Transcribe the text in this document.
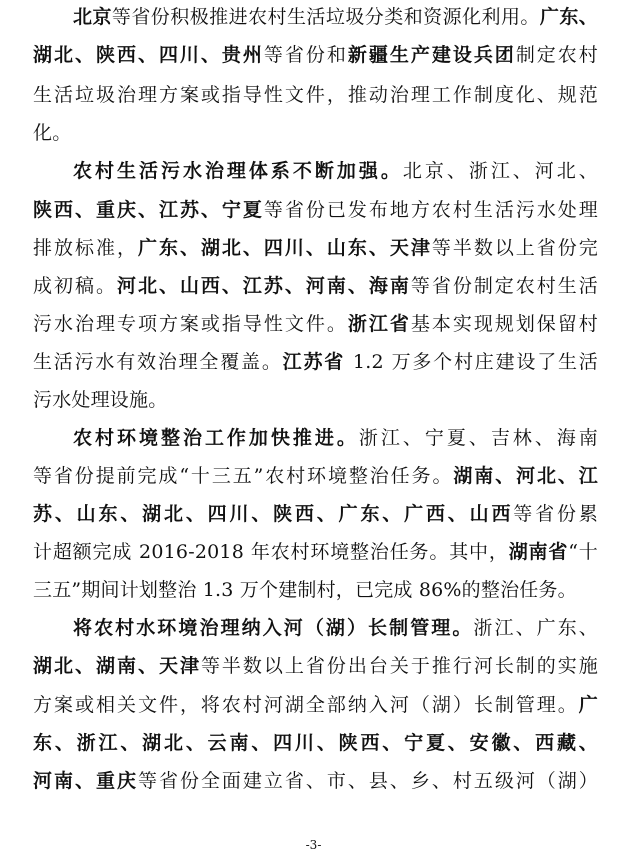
北京等省份积极推进农村生活垃圾分类和资源化利用。广东、
湖北、陕西、四川、贵州等省份和新疆生产建设兵团制定农村
生活垃圾治理方案或指导性文件，推动治理工作制度化、规范
化。
农村生活污水治理体系不断加强。北京、浙江、河北、
陕西、重庆、江苏、宁夏等省份已发布地方农村生活污水处理
排放标准，广东、湖北、四川、山东、天津等半数以上省份完
成初稿。河北、山西、江苏、河南、海南等省份制定农村生活
污水治理专项方案或指导性文件。浙江省基本实现规划保留村
生活污水有效治理全覆盖。江苏省 1.2 万多个村庄建设了生活
污水处理设施。
农村环境整治工作加快推进。浙江、宁夏、吉林、海南
等省份提前完成“十三五”农村环境整治任务。湖南、河北、江
苏、山东、湖北、四川、陕西、广东、广西、山西等省份累
计超额完成 2016-2018 年农村环境整治任务。其中，湖南省“十
三五”期间计划整治 1.3 万个建制村，已完成 86%的整治任务。
将农村水环境治理纳入河（湖）长制管理。浙江、广东、
湖北、湖南、天津等半数以上省份出台关于推行河长制的实施
方案或相关文件，将农村河湖全部纳入河（湖）长制管理。广
东、浙江、湖北、云南、四川、陕西、宁夏、安徽、西藏、
河南、重庆等省份全面建立省、市、县、乡、村五级河（湖）
-3-
